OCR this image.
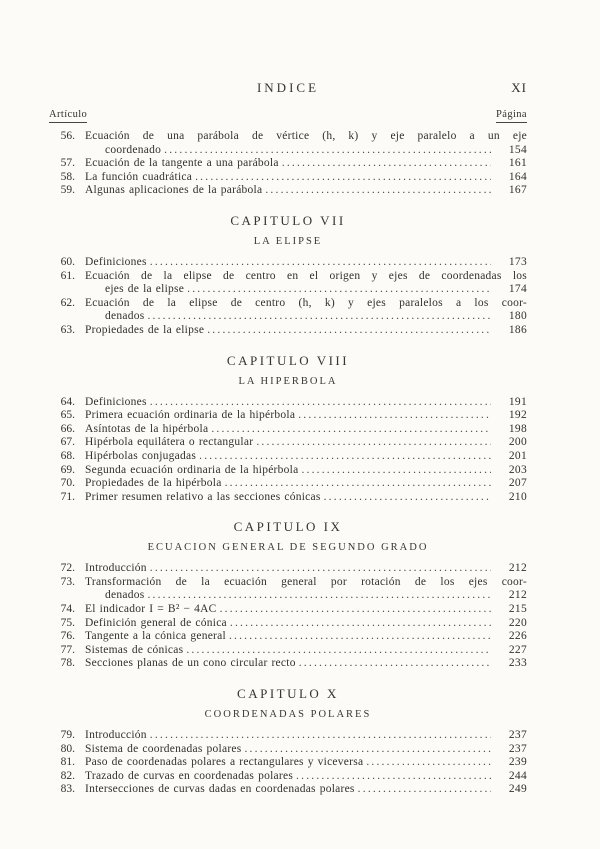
INDICE	XI
Artículo	Página
56. Ecuación de una parábola de vértice (h, k) y eje paralelo a un eje
coordenado .....	154
57. Ecuación de la tangente a una parábola .....	161
58. La función cuadrática .....	164
59. Algunas aplicaciones de la parábola .....	167
CAPITULO VII
LA ELIPSE
60. Definiciones .....	173
61. Ecuación de la elipse de centro en el origen y ejes de coordenadas los
ejes de la elipse .....	174
62. Ecuación de la elipse de centro (h, k) y ejes paralelos a los coor-
denados .....	180
63. Propiedades de la elipse .....	186
CAPITULO VIII
LA HIPERBOLA
64. Definiciones .....	191
65. Primera ecuación ordinaria de la hipérbola .....	192
66. Asíntotas de la hipérbola .....	198
67. Hipérbola equilátera o rectangular .....	200
68. Hipérbolas conjugadas .....	201
69. Segunda ecuación ordinaria de la hipérbola .....	203
70. Propiedades de la hipérbola .....	207
71. Primer resumen relativo a las secciones cónicas .....	210
CAPITULO IX
ECUACION GENERAL DE SEGUNDO GRADO
72. Introducción .....	212
73. Transformación de la ecuación general por rotación de los ejes coor-
denados .....	212
74. El indicador I = B² − 4AC .....	215
75. Definición general de cónica .....	220
76. Tangente a la cónica general .....	226
77. Sistemas de cónicas .....	227
78. Secciones planas de un cono circular recto .....	233
CAPITULO X
COORDENADAS POLARES
79. Introducción .....	237
80. Sistema de coordenadas polares .....	237
81. Paso de coordenadas polares a rectangulares y viceversa .....	239
82. Trazado de curvas en coordenadas polares .....	244
83. Intersecciones de curvas dadas en coordenadas polares .....	249
